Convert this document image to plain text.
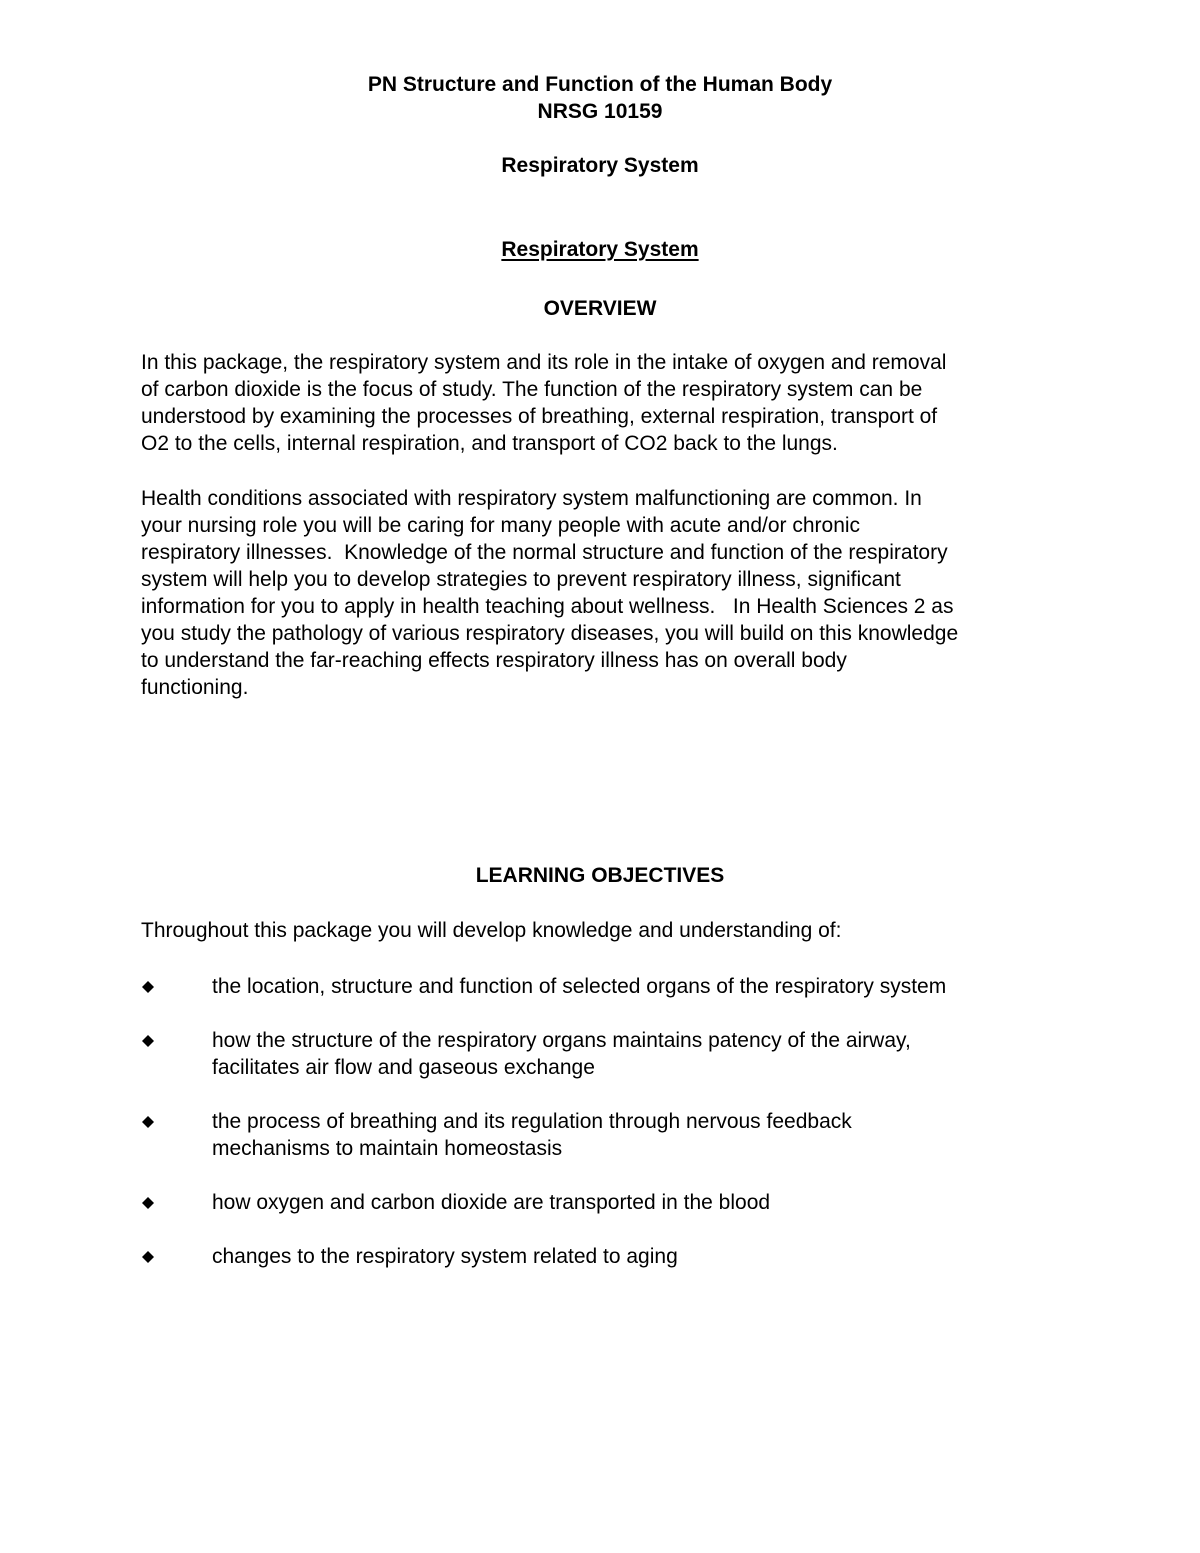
PN Structure and Function of the Human Body
NRSG 10159
Respiratory System
Respiratory System
OVERVIEW
In this package, the respiratory system and its role in the intake of oxygen and removal
of carbon dioxide is the focus of study. The function of the respiratory system can be
understood by examining the processes of breathing, external respiration, transport of
O2 to the cells, internal respiration, and transport of CO2 back to the lungs.
Health conditions associated with respiratory system malfunctioning are common. In
your nursing role you will be caring for many people with acute and/or chronic
respiratory illnesses.  Knowledge of the normal structure and function of the respiratory
system will help you to develop strategies to prevent respiratory illness, significant
information for you to apply in health teaching about wellness.   In Health Sciences 2 as
you study the pathology of various respiratory diseases, you will build on this knowledge
to understand the far-reaching effects respiratory illness has on overall body
functioning.
LEARNING OBJECTIVES
Throughout this package you will develop knowledge and understanding of:
the location, structure and function of selected organs of the respiratory system
how the structure of the respiratory organs maintains patency of the airway,
facilitates air flow and gaseous exchange
the process of breathing and its regulation through nervous feedback
mechanisms to maintain homeostasis
how oxygen and carbon dioxide are transported in the blood
changes to the respiratory system related to aging
